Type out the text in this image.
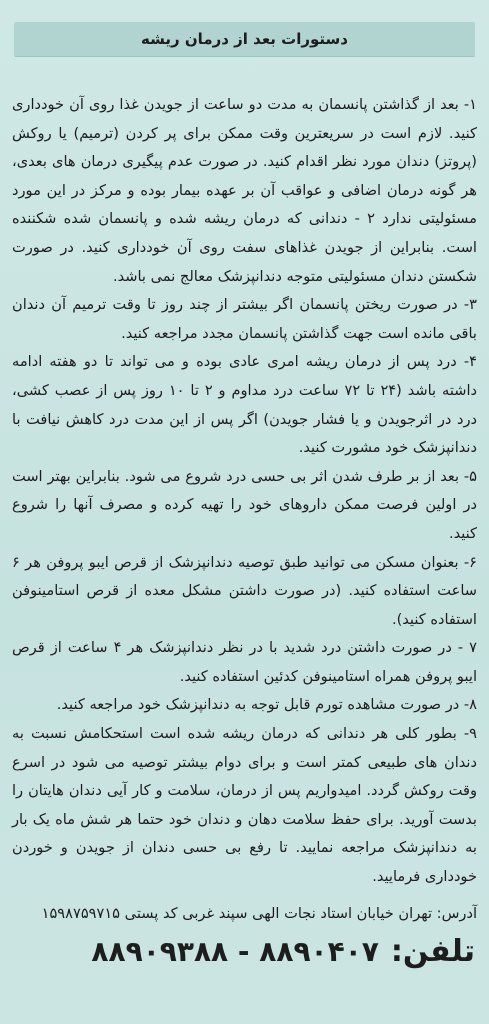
دستورات بعد از درمان ریشه

۱- بعد از گذاشتن پانسمان به مدت دو ساعت از جویدن غذا روی آن خودداری کنید. لازم است در سریعترین وقت ممکن برای پر کردن (ترمیم) یا روکش (پروتز) دندان مورد نظر اقدام کنید. در صورت عدم پیگیری درمان های بعدی، هر گونه درمان اضافی و عواقب آن بر عهده بیمار بوده و مرکز در این مورد مسئولیتی ندارد ۲ - دندانی که درمان ریشه شده و پانسمان شده شکننده است. بنابراین از جویدن غذاهای سفت روی آن خودداری کنید. در صورت شکستن دندان مسئولیتی متوجه دندانپزشک معالج نمی باشد.

۳- در صورت ریختن پانسمان اگر بیشتر از چند روز تا وقت ترمیم آن دندان باقی مانده است جهت گذاشتن پانسمان مجدد مراجعه کنید.

۴- درد پس از درمان ریشه امری عادی بوده و می تواند تا دو هفته ادامه داشته باشد (۲۴ تا ۷۲ ساعت درد مداوم و ۲ تا ۱۰ روز پس از عصب کشی، درد در اثرجویدن و یا فشار جویدن) اگر پس از این مدت درد کاهش نیافت با دندانپزشک خود مشورت کنید.

۵- بعد از بر طرف شدن اثر بی حسی درد شروع می شود. بنابراین بهتر است در اولین فرصت ممکن داروهای خود را تهیه کرده و مصرف آنها را شروع کنید.

۶- بعنوان مسکن می توانید طبق توصیه دندانپزشک از قرص ایبو پروفن هر ۶ ساعت استفاده کنید. (در صورت داشتن مشکل معده از قرص استامینوفن استفاده کنید).

۷ - در صورت داشتن درد شدید با در نظر دندانپزشک هر ۴ ساعت از قرص ایبو پروفن همراه استامینوفن کدئین استفاده کنید.

۸- در صورت مشاهده تورم قابل توجه به دندانپزشک خود مراجعه کنید.

۹- بطور کلی هر دندانی که درمان ریشه شده است استحکامش نسبت به دندان های طبیعی کمتر است و برای دوام بیشتر توصیه می شود در اسرع وقت روکش گردد. امیدواریم پس از درمان، سلامت و کار آیی دندان هایتان را بدست آورید. برای حفظ سلامت دهان و دندان خود حتما هر شش ماه یک بار به دندانپزشک مراجعه نمایید. تا رفع بی حسی دندان از جویدن و خوردن خودداری فرمایید.

آدرس: تهران خیابان استاد نجات الهی سپند غربی کد پستی ۱۵۹۸۷۵۹۷۱۵
تلفن:
۸۸۹۰۹۳۸۸ - ۸۸۹۰۴۰۷
